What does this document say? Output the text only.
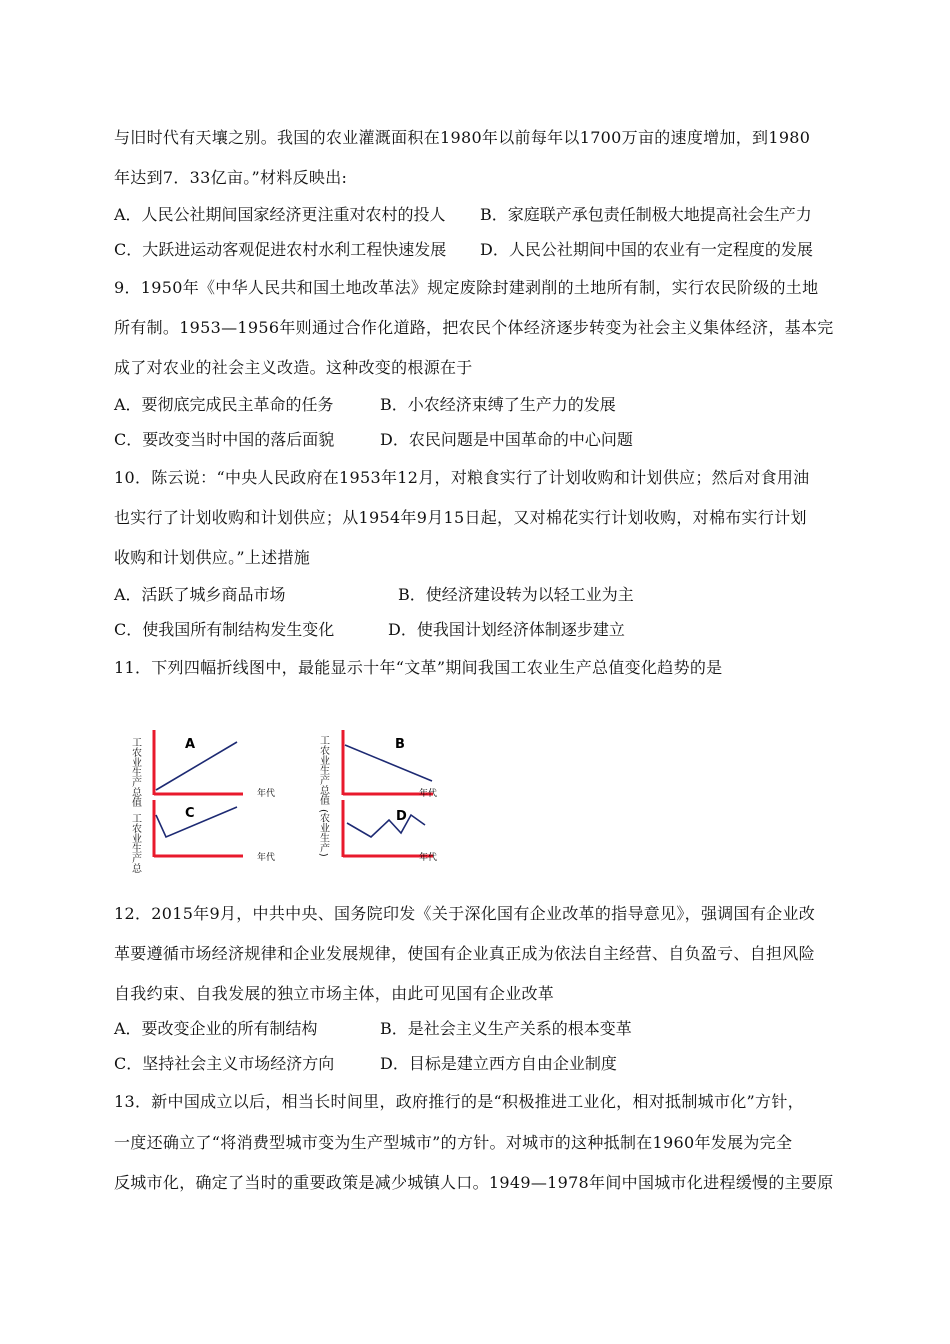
与旧时代有天壤之别。我国的农业灌溉面积在1980年以前每年以1700万亩的速度增加，到1980
年达到7．33亿亩。”材料反映出:
A．人民公社期间国家经济更注重对农村的投人 B．家庭联产承包责任制极大地提高社会生产力
C．大跃进运动客观促进农村水利工程快速发展 D．人民公社期间中国的农业有一定程度的发展
9．1950年《中华人民共和国土地改革法》规定废除封建剥削的土地所有制，实行农民阶级的土地
所有制。1953—1956年则通过合作化道路，把农民个体经济逐步转变为社会主义集体经济，基本完
成了对农业的社会主义改造。这种改变的根源在于
A．要彻底完成民主革命的任务	B．小农经济束缚了生产力的发展
C．要改变当时中国的落后面貌	D．农民问题是中国革命的中心问题
10．陈云说：“中央人民政府在1953年12月，对粮食实行了计划收购和计划供应；然后对食用油
也实行了计划收购和计划供应；从1954年9月15日起，又对棉花实行计划收购，对棉布实行计划
收购和计划供应。”上述措施
A．活跃了城乡商品市场	B．使经济建设转为以轻工业为主
C．使我国所有制结构发生变化	D．使我国计划经济体制逐步建立
11．下列四幅折线图中，最能显示十年“文革”期间我国工农业生产总值变化趋势的是
工农业生产总值
工农业生产总
A
年代
C
年代
工农业生产总值
(农业生产)
B
年代
D
年代
12．2015年9月，中共中央、国务院印发《关于深化国有企业改革的指导意见》，强调国有企业改
革要遵循市场经济规律和企业发展规律，使国有企业真正成为依法自主经营、自负盈亏、自担风险
自我约束、自我发展的独立市场主体，由此可见国有企业改革
A．要改变企业的所有制结构	B．是社会主义生产关系的根本变革
C．坚持社会主义市场经济方向	D．目标是建立西方自由企业制度
13．新中国成立以后，相当长时间里，政府推行的是“积极推进工业化，相对抵制城市化”方针，
一度还确立了“将消费型城市变为生产型城市”的方针。对城市的这种抵制在1960年发展为完全
反城市化，确定了当时的重要政策是减少城镇人口。1949—1978年间中国城市化进程缓慢的主要原
